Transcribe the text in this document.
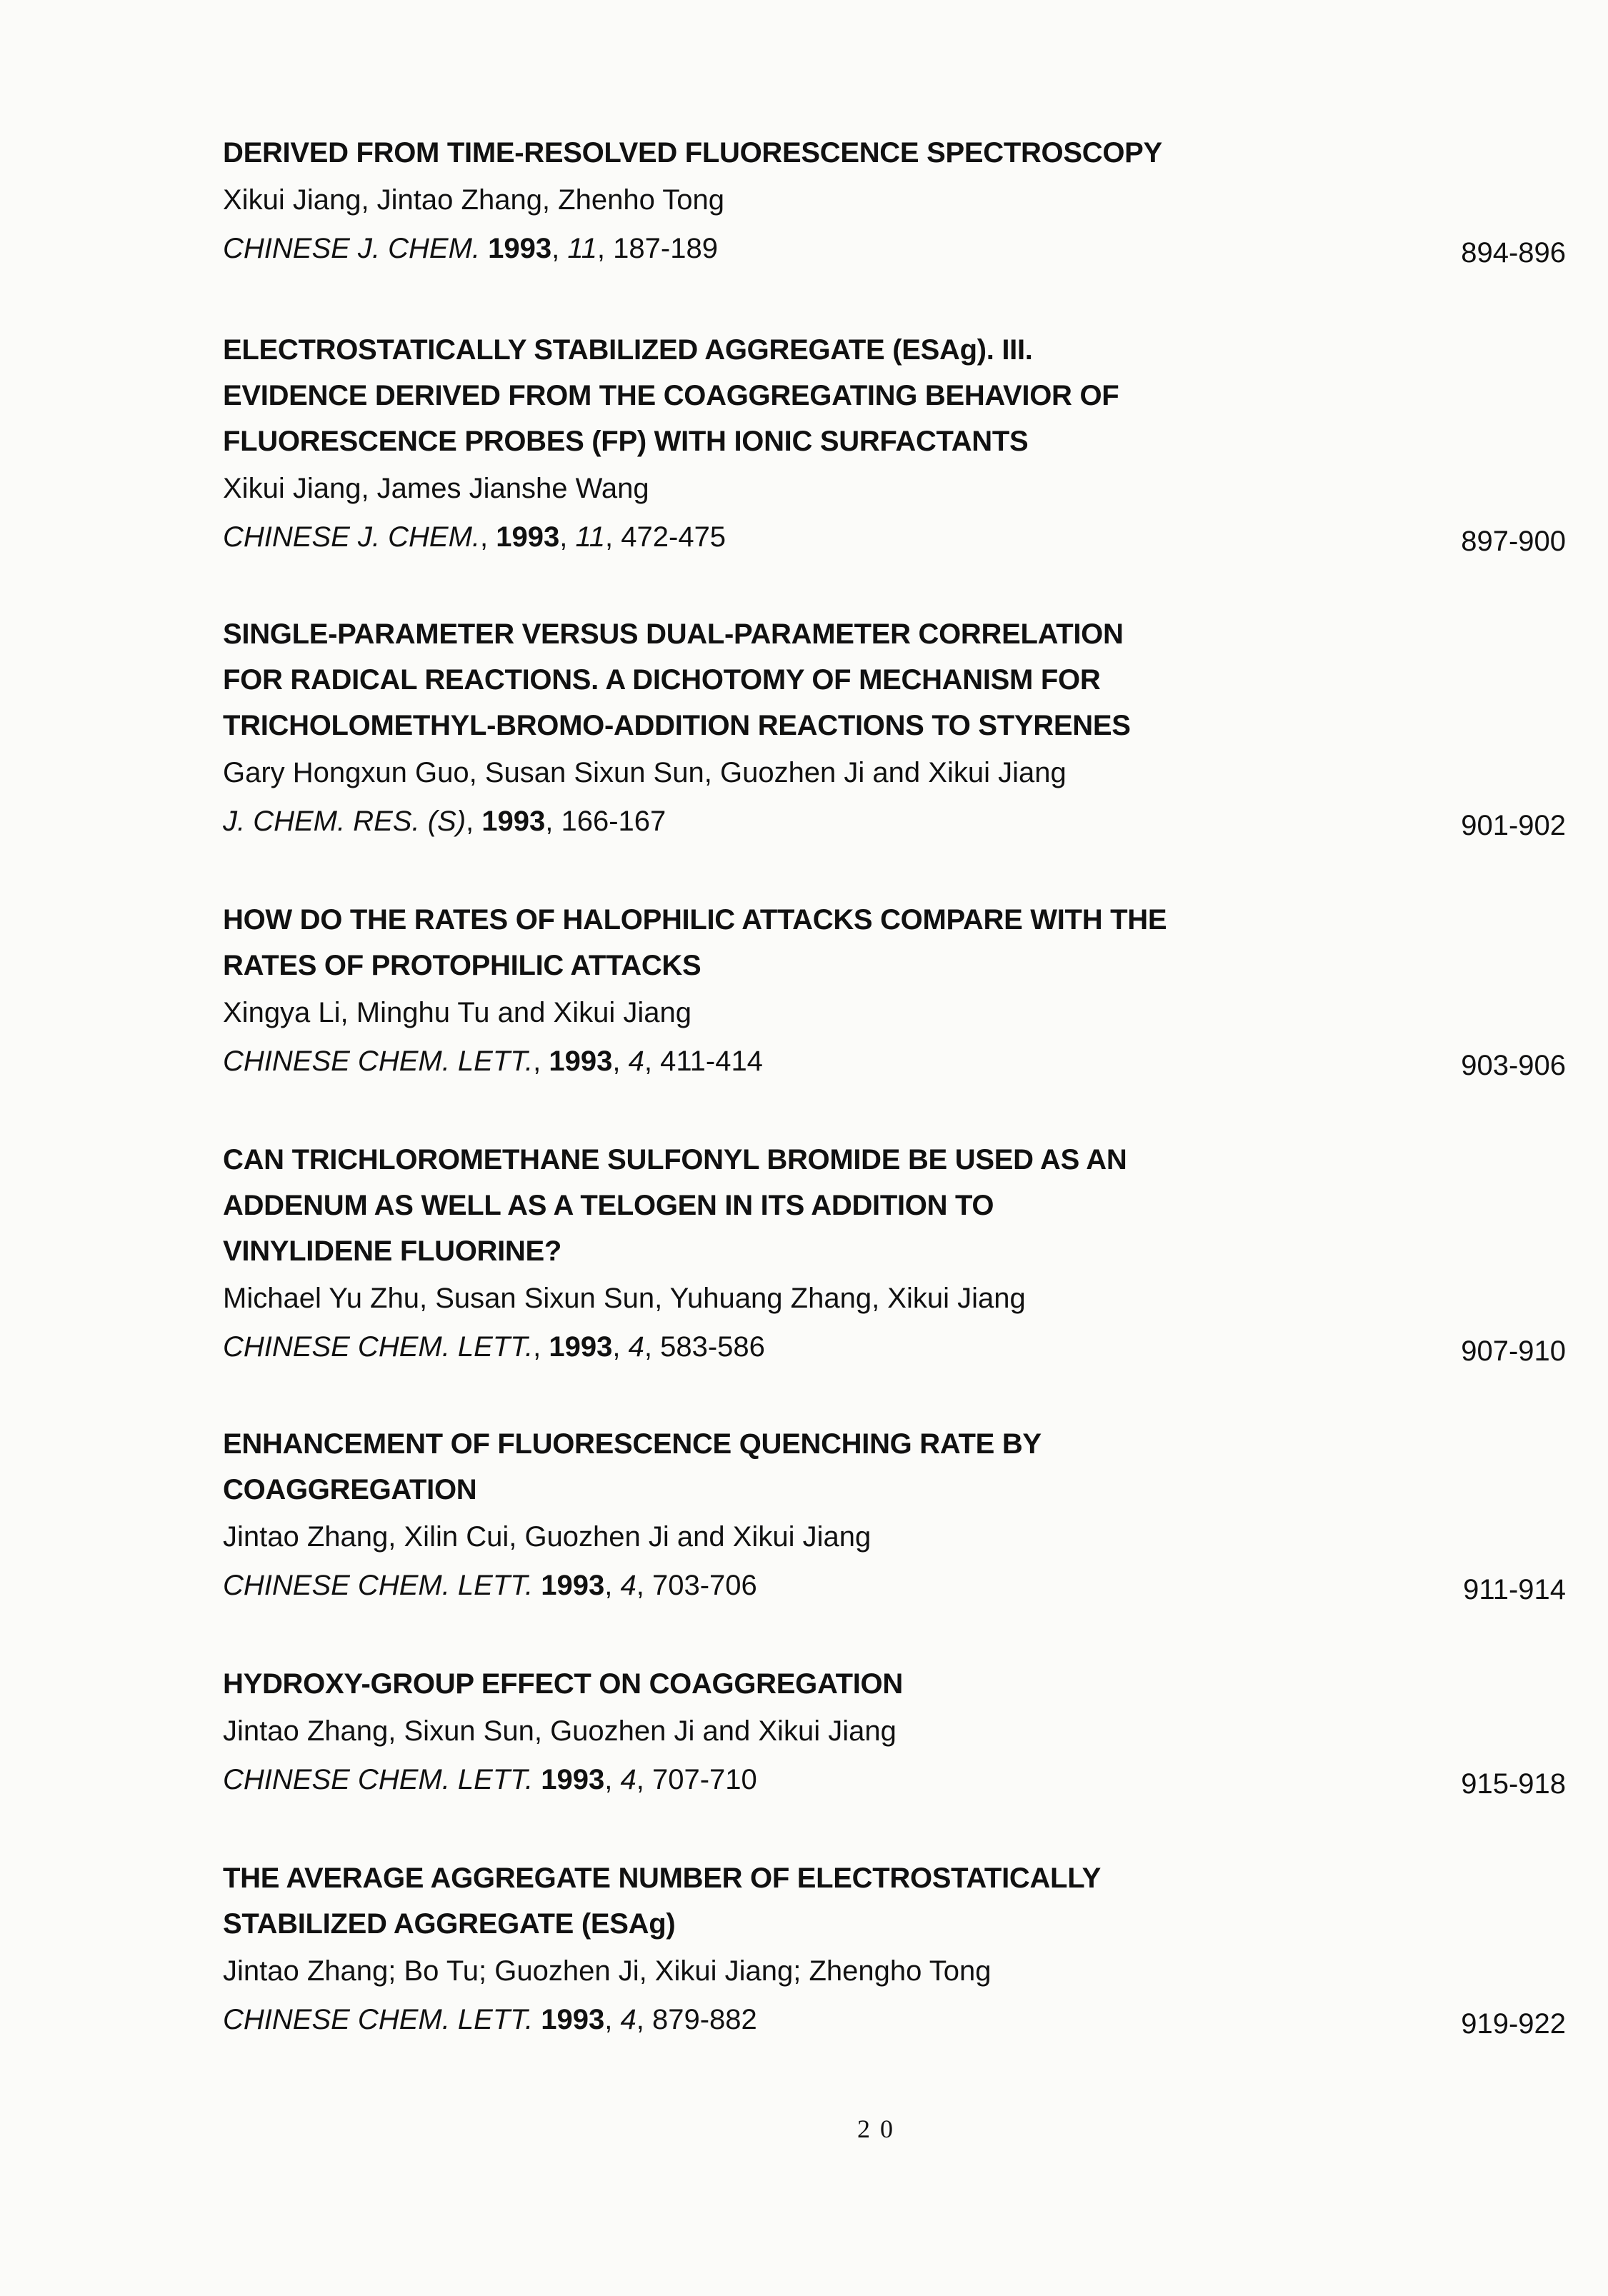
DERIVED FROM TIME-RESOLVED FLUORESCENCE SPECTROSCOPY

Xikui Jiang, Jintao Zhang, Zhenho Tong

CHINESE J. CHEM. 1993, 11, 187-189	894-896

ELECTROSTATICALLY STABILIZED AGGREGATE (ESAg). III.
EVIDENCE DERIVED FROM THE COAGGREGATING BEHAVIOR OF
FLUORESCENCE PROBES (FP) WITH IONIC SURFACTANTS

Xikui Jiang, James Jianshe Wang

CHINESE J. CHEM., 1993, 11, 472-475	897-900

SINGLE-PARAMETER VERSUS DUAL-PARAMETER CORRELATION
FOR RADICAL REACTIONS. A DICHOTOMY OF MECHANISM FOR
TRICHOLOMETHYL-BROMO-ADDITION REACTIONS TO STYRENES

Gary Hongxun Guo, Susan Sixun Sun, Guozhen Ji and Xikui Jiang

J. CHEM. RES. (S), 1993, 166-167	901-902

HOW DO THE RATES OF HALOPHILIC ATTACKS COMPARE WITH THE
RATES OF PROTOPHILIC ATTACKS

Xingya Li, Minghu Tu and Xikui Jiang

CHINESE CHEM. LETT., 1993, 4, 411-414	903-906

CAN TRICHLOROMETHANE SULFONYL BROMIDE BE USED AS AN
ADDENUM AS WELL AS A TELOGEN IN ITS ADDITION TO
VINYLIDENE FLUORINE?

Michael Yu Zhu, Susan Sixun Sun, Yuhuang Zhang, Xikui Jiang

CHINESE CHEM. LETT., 1993, 4, 583-586	907-910

ENHANCEMENT OF FLUORESCENCE QUENCHING RATE BY
COAGGREGATION

Jintao Zhang, Xilin Cui, Guozhen Ji and Xikui Jiang

CHINESE CHEM. LETT. 1993, 4, 703-706	911-914

HYDROXY-GROUP EFFECT ON COAGGREGATION

Jintao Zhang, Sixun Sun, Guozhen Ji and Xikui Jiang

CHINESE CHEM. LETT. 1993, 4, 707-710	915-918

THE AVERAGE AGGREGATE NUMBER OF ELECTROSTATICALLY
STABILIZED AGGREGATE (ESAg)

Jintao Zhang; Bo Tu; Guozhen Ji, Xikui Jiang; Zhengho Tong

CHINESE CHEM. LETT. 1993, 4, 879-882	919-922
20
